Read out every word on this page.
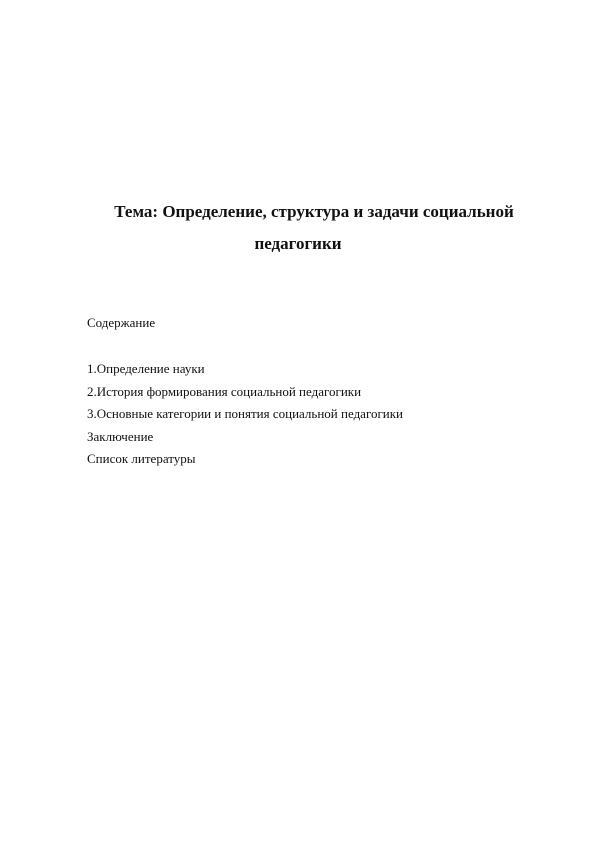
Тема: Определение, структура и задачи социальной
педагогики
Содержание
1.Определение науки
2.История формирования социальной педагогики
3.Основные категории и понятия социальной педагогики
Заключение
Список литературы
